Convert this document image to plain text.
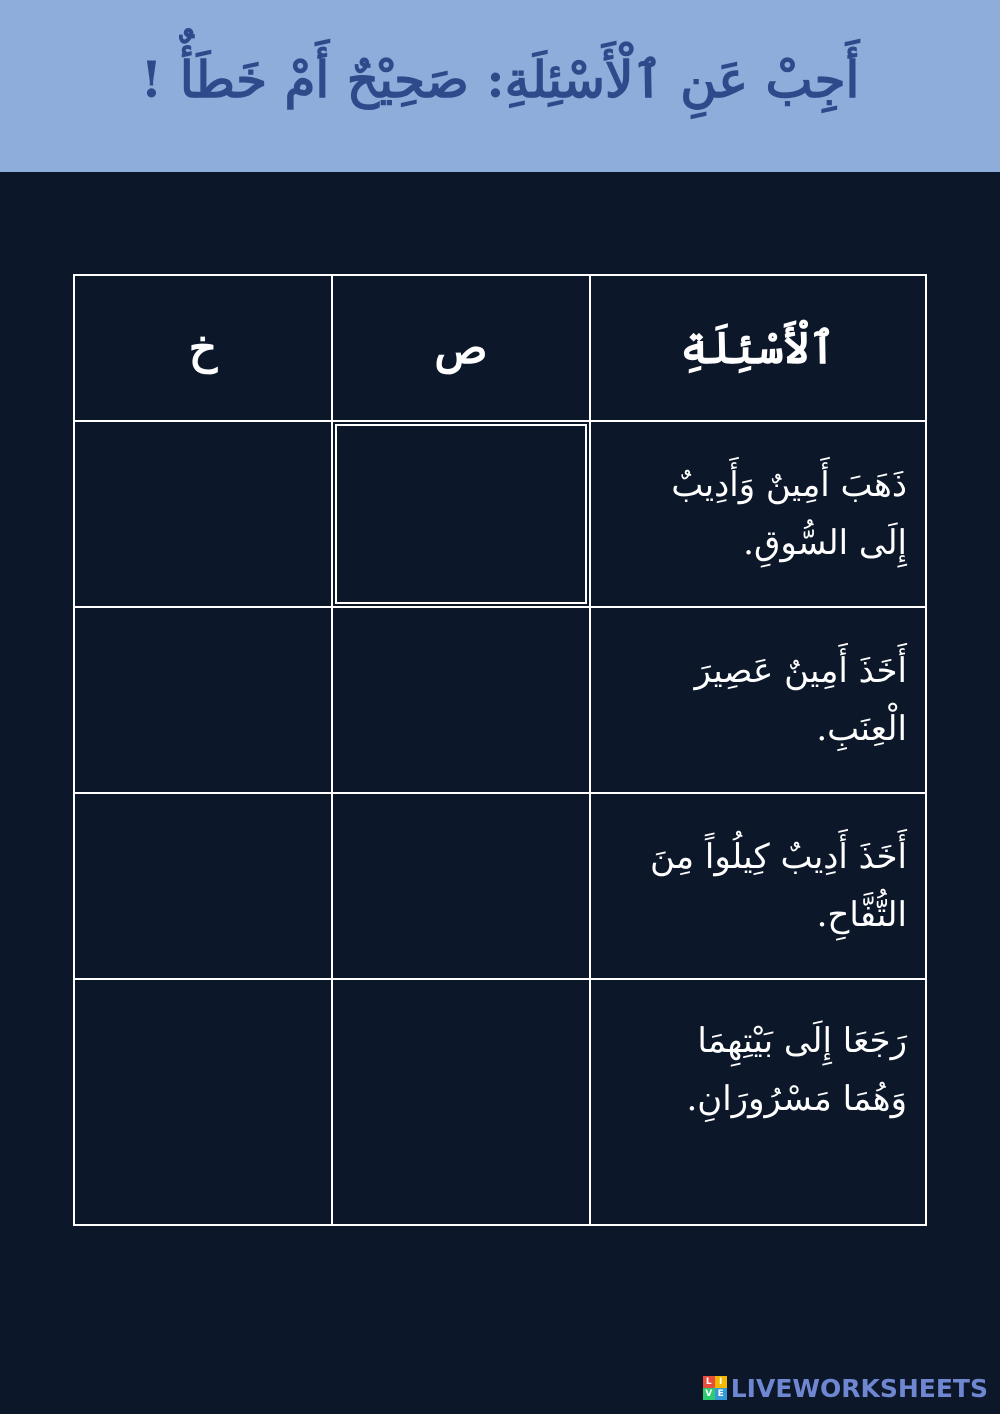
أَجِبْ عَنِ ٱلْأَسْئِلَةِ: صَحِيْحٌ أَمْ خَطَأٌ !
ٱلْأَسْئِلَةِ	ص	خ

ذَهَبَ أَمِينٌ وَأَدِيبٌ
إِلَى السُّوقِ.		

أَخَذَ أَمِينٌ عَصِيرَ
الْعِنَبِ.		

أَخَذَ أَدِيبٌ كِيلُواً مِنَ
التُّفَّاحِ.		

رَجَعَا إِلَى بَيْتِهِمَا
وَهُمَا مَسْرُورَانِ.		

L I
V E LIVEWORKSHEETS
